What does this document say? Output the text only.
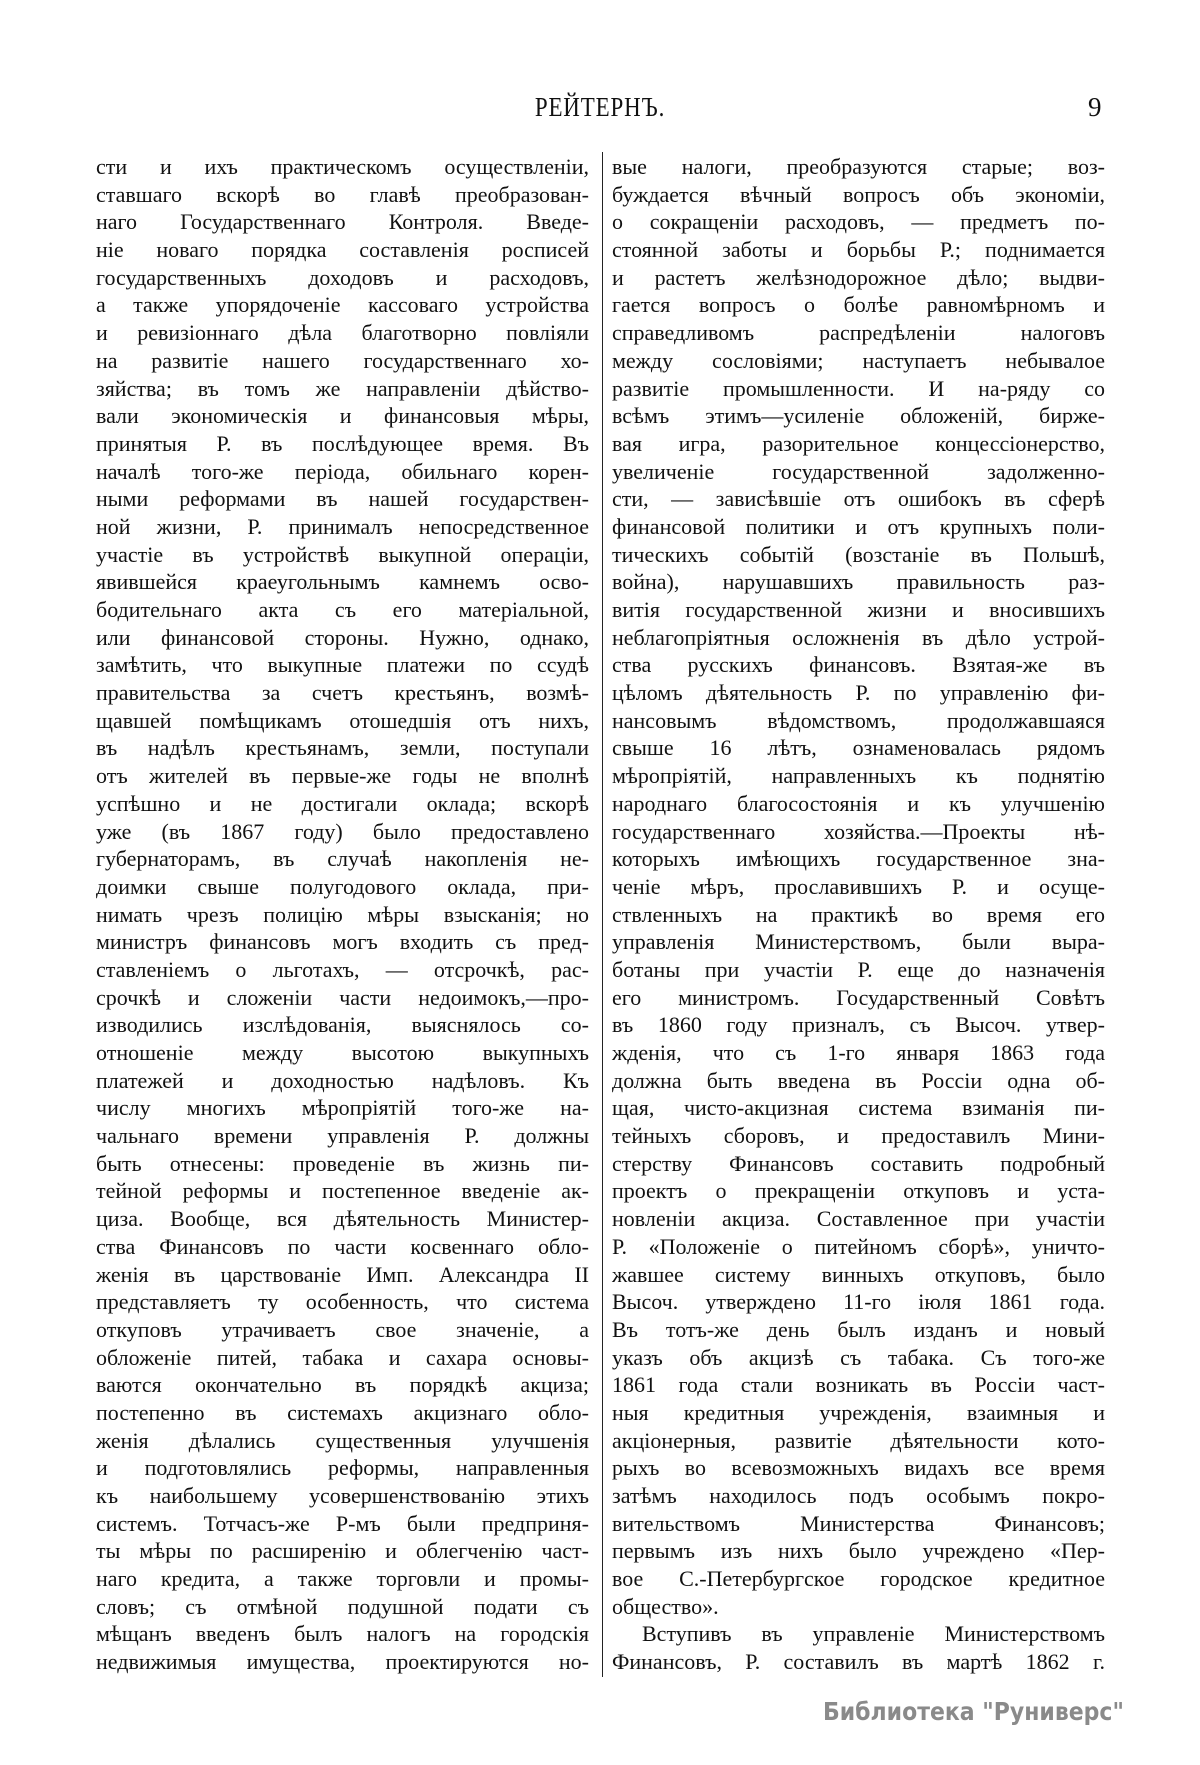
РЕЙТЕРНЪ.	9
сти и ихъ практическомъ осуществленіи,
ставшаго вскорѣ во главѣ преобразован-
наго Государственнаго Контроля. Введе-
ніе новаго порядка составленія росписей
государственныхъ доходовъ и расходовъ,
а также упорядоченіе кассоваго устройства
и ревизіоннаго дѣла благотворно повліяли
на развитіе нашего государственнаго хо-
зяйства; въ томъ же направленіи дѣйство-
вали экономическія и финансовыя мѣры,
принятыя Р. въ послѣдующее время. Въ
началѣ того-же періода, обильнаго корен-
ными реформами въ нашей государствен-
ной жизни, Р. принималъ непосредственное
участіе въ устройствѣ выкупной операціи,
явившейся краеугольнымъ камнемъ осво-
бодительнаго акта съ его матеріальной,
или финансовой стороны. Нужно, однако,
замѣтить, что выкупные платежи по ссудѣ
правительства за счетъ крестьянъ, возмѣ-
щавшей помѣщикамъ отошедшія отъ нихъ,
въ надѣлъ крестьянамъ, земли, поступали
отъ жителей въ первые-же годы не вполнѣ
успѣшно и не достигали оклада; вскорѣ
уже (въ 1867 году) было предоставлено
губернаторамъ, въ случаѣ накопленія не-
доимки свыше полугодового оклада, при-
нимать чрезъ полицію мѣры взысканія; но
министръ финансовъ могъ входить съ пред-
ставленіемъ о льготахъ, — отсрочкѣ, рас-
срочкѣ и сложеніи части недоимокъ,—про-
изводились изслѣдованія, выяснялось со-
отношеніе между высотою выкупныхъ
платежей и доходностью надѣловъ. Къ
числу многихъ мѣропріятій того-же на-
чальнаго времени управленія Р. должны
быть отнесены: проведеніе въ жизнь пи-
тейной реформы и постепенное введеніе ак-
циза. Вообще, вся дѣятельность Министер-
ства Финансовъ по части косвеннаго обло-
женія въ царствованіе Имп. Александра II
представляетъ ту особенность, что система
откуповъ утрачиваетъ свое значеніе, а
обложеніе питей, табака и сахара основы-
ваются окончательно въ порядкѣ акциза;
постепенно въ системахъ акцизнаго обло-
женія дѣлались существенныя улучшенія
и подготовлялись реформы, направленныя
къ наибольшему усовершенствованію этихъ
системъ. Тотчасъ-же Р-мъ были предприня-
ты мѣры по расширенію и облегченію част-
наго кредита, а также торговли и промы-
словъ; съ отмѣной подушной подати съ
мѣщанъ введенъ былъ налогъ на городскія
недвижимыя имущества, проектируются но-
вые налоги, преобразуются старые; воз-
буждается вѣчный вопросъ объ экономіи,
о сокращеніи расходовъ, — предметъ по-
стоянной заботы и борьбы Р.; поднимается
и растетъ желѣзнодорожное дѣло; выдви-
гается вопросъ о болѣе равномѣрномъ и
справедливомъ распредѣленіи налоговъ
между сословіями; наступаетъ небывалое
развитіе промышленности. И на-ряду со
всѣмъ этимъ—усиленіе обложеній, бирже-
вая игра, разорительное концессіонерство,
увеличеніе государственной задолженно-
сти, — зависѣвшіе отъ ошибокъ въ сферѣ
финансовой политики и отъ крупныхъ поли-
тическихъ событій (возстаніе въ Польшѣ,
война), нарушавшихъ правильность раз-
витія государственной жизни и вносившихъ
неблагопріятныя осложненія въ дѣло устрой-
ства русскихъ финансовъ. Взятая-же въ
цѣломъ дѣятельность Р. по управленію фи-
нансовымъ вѣдомствомъ, продолжавшаяся
свыше 16 лѣтъ, ознаменовалась рядомъ
мѣропріятій, направленныхъ къ поднятію
народнаго благосостоянія и къ улучшенію
государственнаго хозяйства.—Проекты нѣ-
которыхъ имѣющихъ государственное зна-
ченіе мѣръ, прославившихъ Р. и осуще-
ствленныхъ на практикѣ во время его
управленія Министерствомъ, были выра-
ботаны при участіи Р. еще до назначенія
его министромъ. Государственный Совѣтъ
въ 1860 году призналъ, съ Высоч. утвер-
жденія, что съ 1-го января 1863 года
должна быть введена въ Россіи одна об-
щая, чисто-акцизная система взиманія пи-
тейныхъ сборовъ, и предоставилъ Мини-
стерству Финансовъ составить подробный
проектъ о прекращеніи откуповъ и уста-
новленіи акциза. Составленное при участіи
Р. «Положеніе о питейномъ сборѣ», уничто-
жавшее систему винныхъ откуповъ, было
Высоч. утверждено 11-го іюля 1861 года.
Въ тотъ-же день былъ изданъ и новый
указъ объ акцизѣ съ табака. Съ того-же
1861 года стали возникать въ Россіи част-
ныя кредитныя учрежденія, взаимныя и
акціонерныя, развитіе дѣятельности кото-
рыхъ во всевозможныхъ видахъ все время
затѣмъ находилось подъ особымъ покро-
вительствомъ Министерства Финансовъ;
первымъ изъ нихъ было учреждено «Пер-
вое С.-Петербургское городское кредитное
общество».
Вступивъ въ управленіе Министерствомъ
Финансовъ, Р. составилъ въ мартѣ 1862 г.
Библиотека "Руниверс"
